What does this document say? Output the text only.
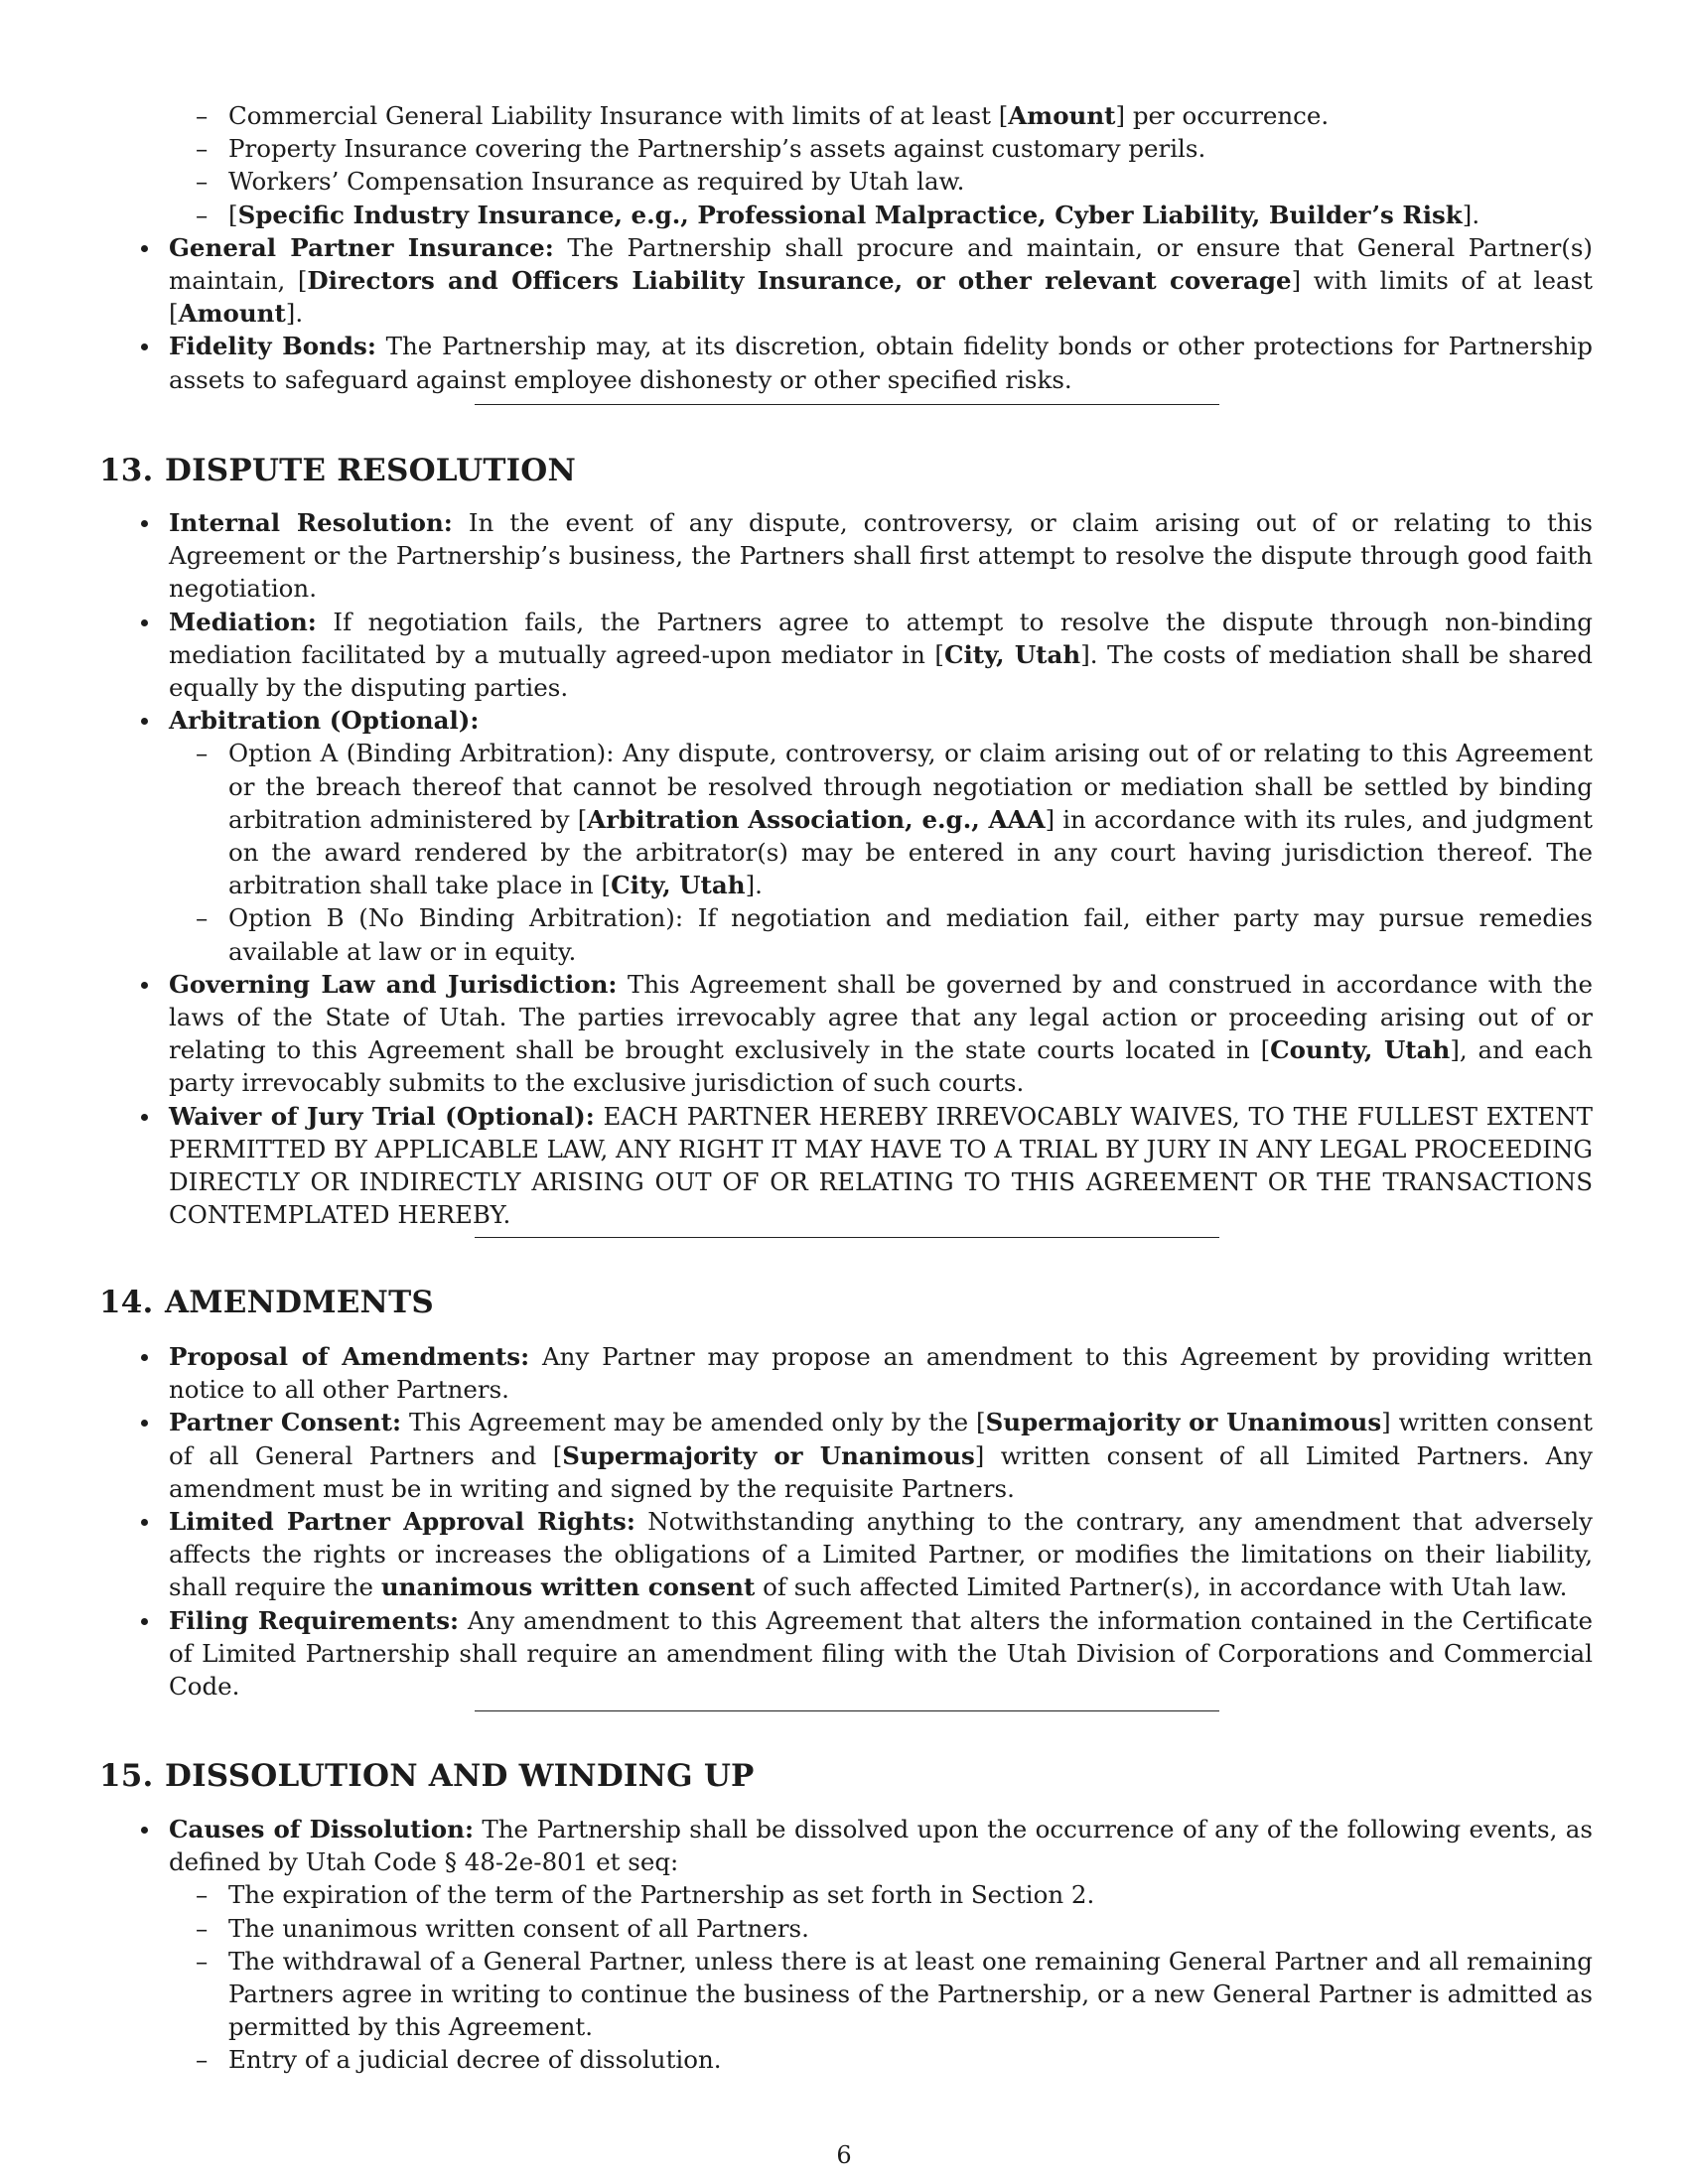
– Commercial General Liability Insurance with limits of at least [Amount] per occurrence.
– Property Insurance covering the Partnership’s assets against customary perils.
– Workers’ Compensation Insurance as required by Utah law.
– [Specific Industry Insurance, e.g., Professional Malpractice, Cyber Liability, Builder’s Risk].
General Partner Insurance: The Partnership shall procure and maintain, or ensure that General Partner(s) maintain, [Directors and Officers Liability Insurance, or other relevant coverage] with limits of at least [Amount].
Fidelity Bonds: The Partnership may, at its discretion, obtain fidelity bonds or other protections for Partnership assets to safeguard against employee dishonesty or other specified risks.
13. DISPUTE RESOLUTION
Internal Resolution: In the event of any dispute, controversy, or claim arising out of or relating to this Agreement or the Partnership’s business, the Partners shall first attempt to resolve the dispute through good faith negotiation.
Mediation: If negotiation fails, the Partners agree to attempt to resolve the dispute through non-binding mediation facilitated by a mutually agreed-upon mediator in [City, Utah]. The costs of mediation shall be shared equally by the disputing parties.
Arbitration (Optional):
– Option A (Binding Arbitration): Any dispute, controversy, or claim arising out of or relating to this Agreement or the breach thereof that cannot be resolved through negotiation or mediation shall be settled by binding arbitration administered by [Arbitration Association, e.g., AAA] in accordance with its rules, and judgment on the award rendered by the arbitrator(s) may be entered in any court having jurisdiction thereof. The arbitration shall take place in [City, Utah].
– Option B (No Binding Arbitration): If negotiation and mediation fail, either party may pursue remedies available at law or in equity.
Governing Law and Jurisdiction: This Agreement shall be governed by and construed in accordance with the laws of the State of Utah. The parties irrevocably agree that any legal action or proceeding arising out of or relating to this Agreement shall be brought exclusively in the state courts located in [County, Utah], and each party irrevocably submits to the exclusive jurisdiction of such courts.
Waiver of Jury Trial (Optional): EACH PARTNER HEREBY IRREVOCABLY WAIVES, TO THE FULLEST EXTENT PERMITTED BY APPLICABLE LAW, ANY RIGHT IT MAY HAVE TO A TRIAL BY JURY IN ANY LEGAL PROCEEDING DIRECTLY OR INDIRECTLY ARISING OUT OF OR RELATING TO THIS AGREEMENT OR THE TRANSACTIONS CONTEMPLATED HEREBY.
14. AMENDMENTS
Proposal of Amendments: Any Partner may propose an amendment to this Agreement by providing written notice to all other Partners.
Partner Consent: This Agreement may be amended only by the [Supermajority or Unanimous] written consent of all General Partners and [Supermajority or Unanimous] written consent of all Limited Partners. Any amendment must be in writing and signed by the requisite Partners.
Limited Partner Approval Rights: Notwithstanding anything to the contrary, any amendment that adversely affects the rights or increases the obligations of a Limited Partner, or modifies the limitations on their liability, shall require the unanimous written consent of such affected Limited Partner(s), in accordance with Utah law.
Filing Requirements: Any amendment to this Agreement that alters the information contained in the Certificate of Limited Partnership shall require an amendment filing with the Utah Division of Corporations and Commercial Code.
15. DISSOLUTION AND WINDING UP
Causes of Dissolution: The Partnership shall be dissolved upon the occurrence of any of the following events, as defined by Utah Code § 48-2e-801 et seq:
– The expiration of the term of the Partnership as set forth in Section 2.
– The unanimous written consent of all Partners.
– The withdrawal of a General Partner, unless there is at least one remaining General Partner and all remaining Partners agree in writing to continue the business of the Partnership, or a new General Partner is admitted as permitted by this Agreement.
– Entry of a judicial decree of dissolution.
6
